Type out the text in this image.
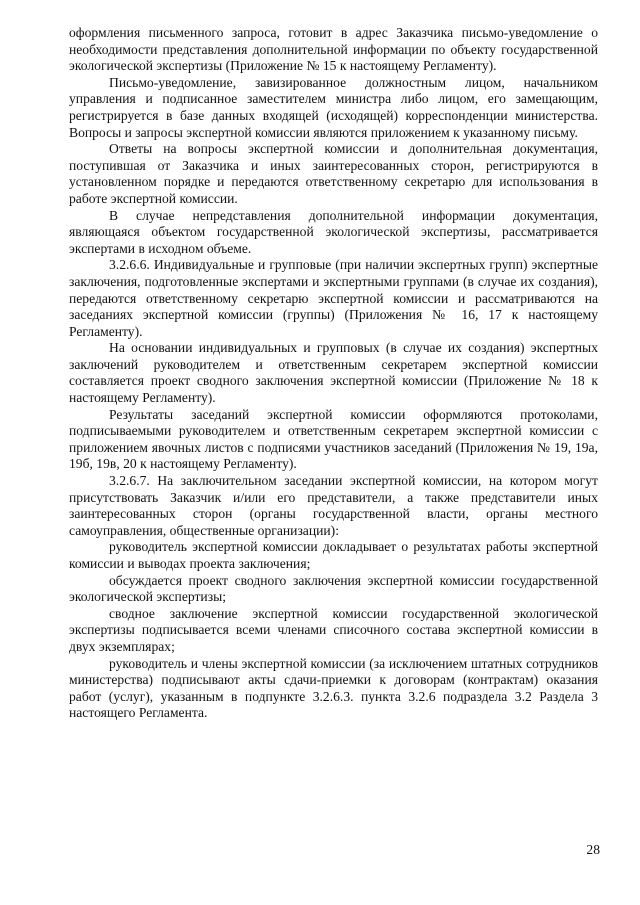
оформления письменного запроса, готовит в адрес Заказчика письмо-уведомление о необходимости представления дополнительной информации по объекту государственной экологической экспертизы (Приложение № 15 к настоящему Регламенту).

Письмо-уведомление, завизированное должностным лицом, начальником управления и подписанное заместителем министра либо лицом, его замещающим, регистрируется в базе данных входящей (исходящей) корреспонденции министерства. Вопросы и запросы экспертной комиссии являются приложением к указанному письму.

Ответы на вопросы экспертной комиссии и дополнительная документация, поступившая от Заказчика и иных заинтересованных сторон, регистрируются в установленном порядке и передаются ответственному секретарю для использования в работе экспертной комиссии.

В случае непредставления дополнительной информации документация, являющаяся объектом государственной экологической экспертизы, рассматривается экспертами в исходном объеме.

3.2.6.6. Индивидуальные и групповые (при наличии экспертных групп) экспертные заключения, подготовленные экспертами и экспертными группами (в случае их создания), передаются ответственному секретарю экспертной комиссии и рассматриваются на заседаниях экспертной комиссии (группы) (Приложения № 16, 17 к настоящему Регламенту).

На основании индивидуальных и групповых (в случае их создания) экспертных заключений руководителем и ответственным секретарем экспертной комиссии составляется проект сводного заключения экспертной комиссии (Приложение № 18 к настоящему Регламенту).

Результаты заседаний экспертной комиссии оформляются протоколами, подписываемыми руководителем и ответственным секретарем экспертной комиссии с приложением явочных листов с подписями участников заседаний (Приложения № 19, 19а, 19б, 19в, 20 к настоящему Регламенту).

3.2.6.7. На заключительном заседании экспертной комиссии, на котором могут присутствовать Заказчик и/или его представители, а также представители иных заинтересованных сторон (органы государственной власти, органы местного самоуправления, общественные организации):

руководитель экспертной комиссии докладывает о результатах работы экспертной комиссии и выводах проекта заключения;

обсуждается проект сводного заключения экспертной комиссии государственной экологической экспертизы;

сводное заключение экспертной комиссии государственной экологической экспертизы подписывается всеми членами списочного состава экспертной комиссии в двух экземплярах;

руководитель и члены экспертной комиссии (за исключением штатных сотрудников министерства) подписывают акты сдачи-приемки к договорам (контрактам) оказания работ (услуг), указанным в подпункте 3.2.6.3. пункта 3.2.6 подраздела 3.2 Раздела 3 настоящего Регламента.

28
